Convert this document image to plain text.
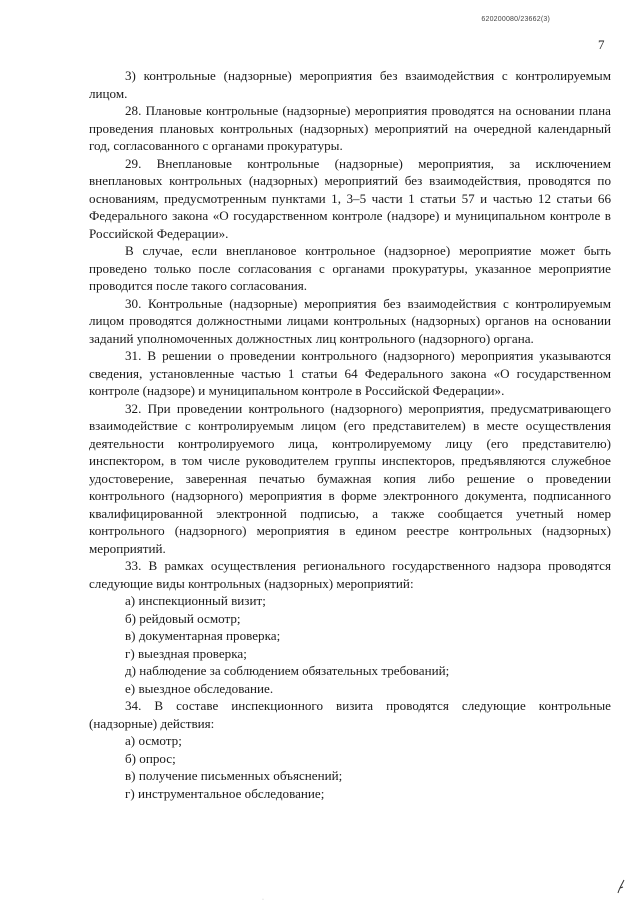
620200080/23662(3)
7

3) контрольные (надзорные) мероприятия без взаимодействия с контролируемым лицом.

28. Плановые контрольные (надзорные) мероприятия проводятся на основании плана проведения плановых контрольных (надзорных) мероприятий на очередной календарный год, согласованного с органами прокуратуры.

29. Внеплановые контрольные (надзорные) мероприятия, за исключением внеплановых контрольных (надзорных) мероприятий без взаимодействия, проводятся по основаниям, предусмотренным пунктами 1, 3–5 части 1 статьи 57 и частью 12 статьи 66 Федерального закона «О государственном контроле (надзоре) и муниципальном контроле в Российской Федерации».

В случае, если внеплановое контрольное (надзорное) мероприятие может быть проведено только после согласования с органами прокуратуры, указанное мероприятие проводится после такого согласования.

30. Контрольные (надзорные) мероприятия без взаимодействия с контролируемым лицом проводятся должностными лицами контрольных (надзорных) органов на основании заданий уполномоченных должностных лиц контрольного (надзорного) органа.

31. В решении о проведении контрольного (надзорного) мероприятия указываются сведения, установленные частью 1 статьи 64 Федерального закона «О государственном контроле (надзоре) и муниципальном контроле в Российской Федерации».

32. При проведении контрольного (надзорного) мероприятия, предусматривающего взаимодействие с контролируемым лицом (его представителем) в месте осуществления деятельности контролируемого лица, контролируемому лицу (его представителю) инспектором, в том числе руководителем группы инспекторов, предъявляются служебное удостоверение, заверенная печатью бумажная копия либо решение о проведении контрольного (надзорного) мероприятия в форме электронного документа, подписанного квалифицированной электронной подписью, а также сообщается учетный номер контрольного (надзорного) мероприятия в едином реестре контрольных (надзорных) мероприятий.

33. В рамках осуществления регионального государственного надзора проводятся следующие виды контрольных (надзорных) мероприятий:

а) инспекционный визит;

б) рейдовый осмотр;

в) документарная проверка;

г) выездная проверка;

д) наблюдение за соблюдением обязательных требований;

е) выездное обследование.

34. В составе инспекционного визита проводятся следующие контрольные (надзорные) действия:

а) осмотр;

б) опрос;

в) получение письменных объяснений;

г) инструментальное обследование;

·
